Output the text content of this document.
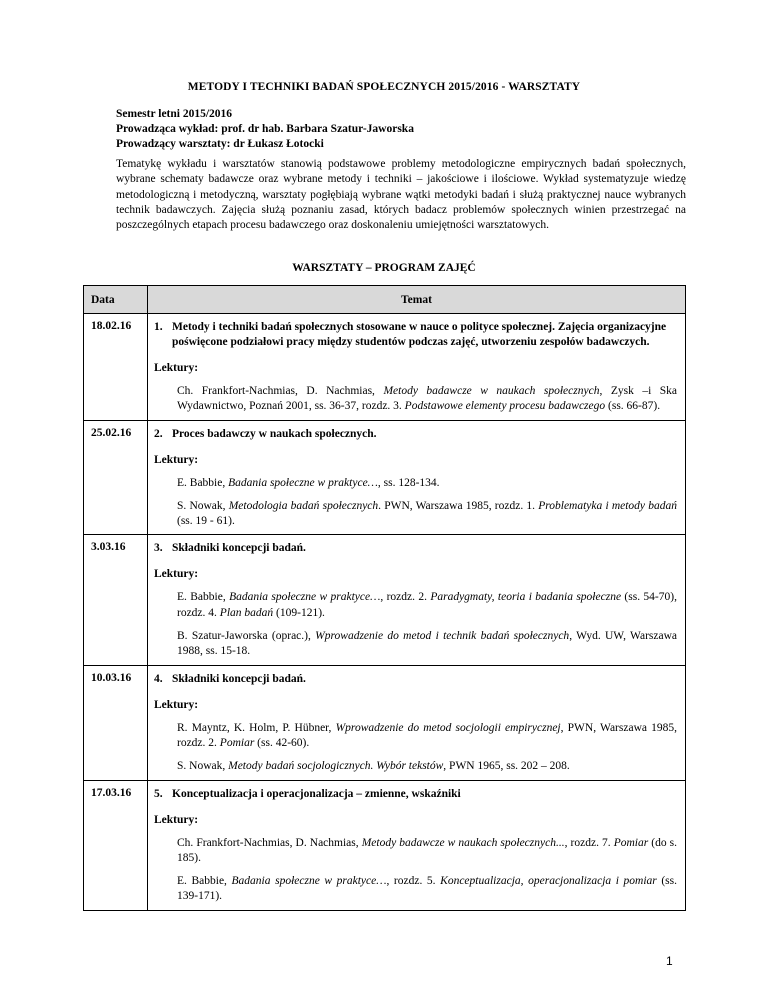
METODY I TECHNIKI BADAŃ SPOŁECZNYCH 2015/2016 - WARSZTATY
Semestr letni 2015/2016
Prowadząca wykład: prof. dr hab. Barbara Szatur-Jaworska
Prowadzący warsztaty: dr Łukasz Łotocki
Tematykę wykładu i warsztatów stanowią podstawowe problemy metodologiczne empirycznych badań społecznych, wybrane schematy badawcze oraz wybrane metody i techniki – jakościowe i ilościowe. Wykład systematyzuje wiedzę metodologiczną i metodyczną, warsztaty pogłębiają wybrane wątki metodyki badań i służą praktycznej nauce wybranych technik badawczych. Zajęcia służą poznaniu zasad, których badacz problemów społecznych winien przestrzegać na poszczególnych etapach procesu badawczego oraz doskonaleniu umiejętności warsztatowych.
WARSZTATY – PROGRAM ZAJĘĆ
Data	Temat
18.02.16	1. Metody i techniki badań społecznych stosowane w nauce o polityce społecznej. Zajęcia organizacyjne poświęcone podziałowi pracy między studentów podczas zajęć, utworzeniu zespołów badawczych.
Lektury:
Ch. Frankfort-Nachmias, D. Nachmias, Metody badawcze w naukach społecznych, Zysk –i Ska Wydawnictwo, Poznań 2001, ss. 36-37, rozdz. 3. Podstawowe elementy procesu badawczego (ss. 66-87).

25.02.16	2. Proces badawczy w naukach społecznych.
Lektury:
E. Babbie, Badania społeczne w praktyce…, ss. 128-134.
S. Nowak, Metodologia badań społecznych. PWN, Warszawa 1985, rozdz. 1. Problematyka i metody badań (ss. 19 - 61).

3.03.16	3. Składniki koncepcji badań.
Lektury:
E. Babbie, Badania społeczne w praktyce…, rozdz. 2. Paradygmaty, teoria i badania społeczne (ss. 54-70), rozdz. 4. Plan badań (109-121).
B. Szatur-Jaworska (oprac.), Wprowadzenie do metod i technik badań społecznych, Wyd. UW, Warszawa 1988, ss. 15-18.

10.03.16	4. Składniki koncepcji badań.
Lektury:
R. Mayntz, K. Holm, P. Hübner, Wprowadzenie do metod socjologii empirycznej, PWN, Warszawa 1985, rozdz. 2. Pomiar (ss. 42-60).
S. Nowak, Metody badań socjologicznych. Wybór tekstów, PWN 1965, ss. 202 – 208.

17.03.16	5. Konceptualizacja i operacjonalizacja – zmienne, wskaźniki
Lektury:
Ch. Frankfort-Nachmias, D. Nachmias, Metody badawcze w naukach społecznych..., rozdz. 7. Pomiar (do s. 185).
E. Babbie, Badania społeczne w praktyce…, rozdz. 5. Konceptualizacja, operacjonalizacja i pomiar (ss. 139-171).
1
